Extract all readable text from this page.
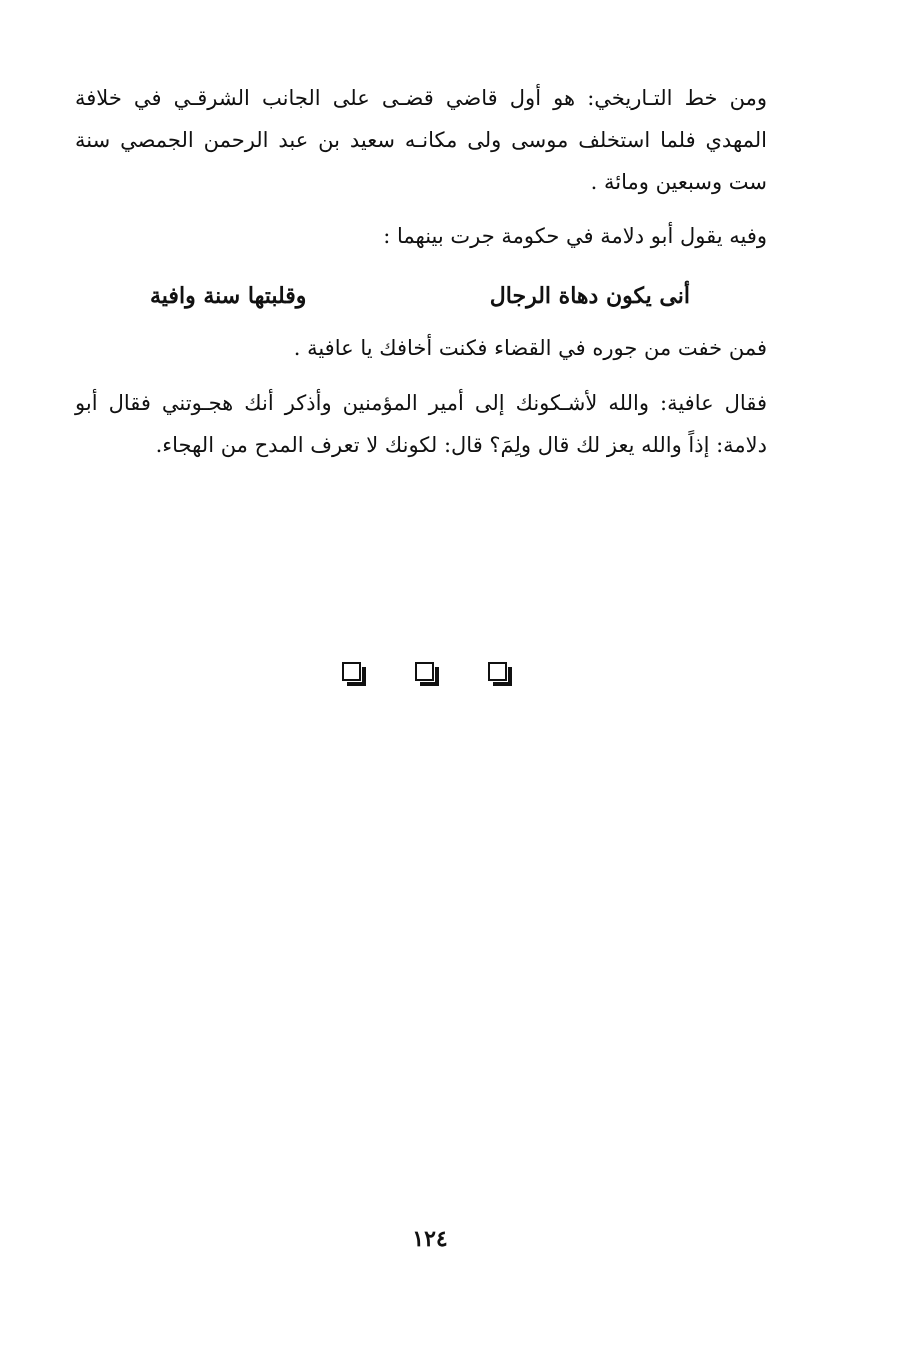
ومن خط التـاريخي: هو أول قاضي قضـى على الجانب الشرقـي في خلافة المهدي فلما استخلف موسى ولى مكانـه سعيد بن عبد الرحمن الجمصي سنة ست وسبعين ومائة .
وفيه يقول أبو دلامة في حكومة جرت بينهما :
أنى يكون دهاة الرجال
وقلبتها سنة وافية
فمن خفت من جوره في القضاء فكنت أخافك يا عافية .
فقال عافية: والله لأشـكونك إلى أمير المؤمنين وأذكر أنك هجـوتني فقال أبو دلامة: إذاً والله يعز لك قال ولِمَ؟ قال: لكونك لا تعرف المدح من الهجاء.
١٢٤
